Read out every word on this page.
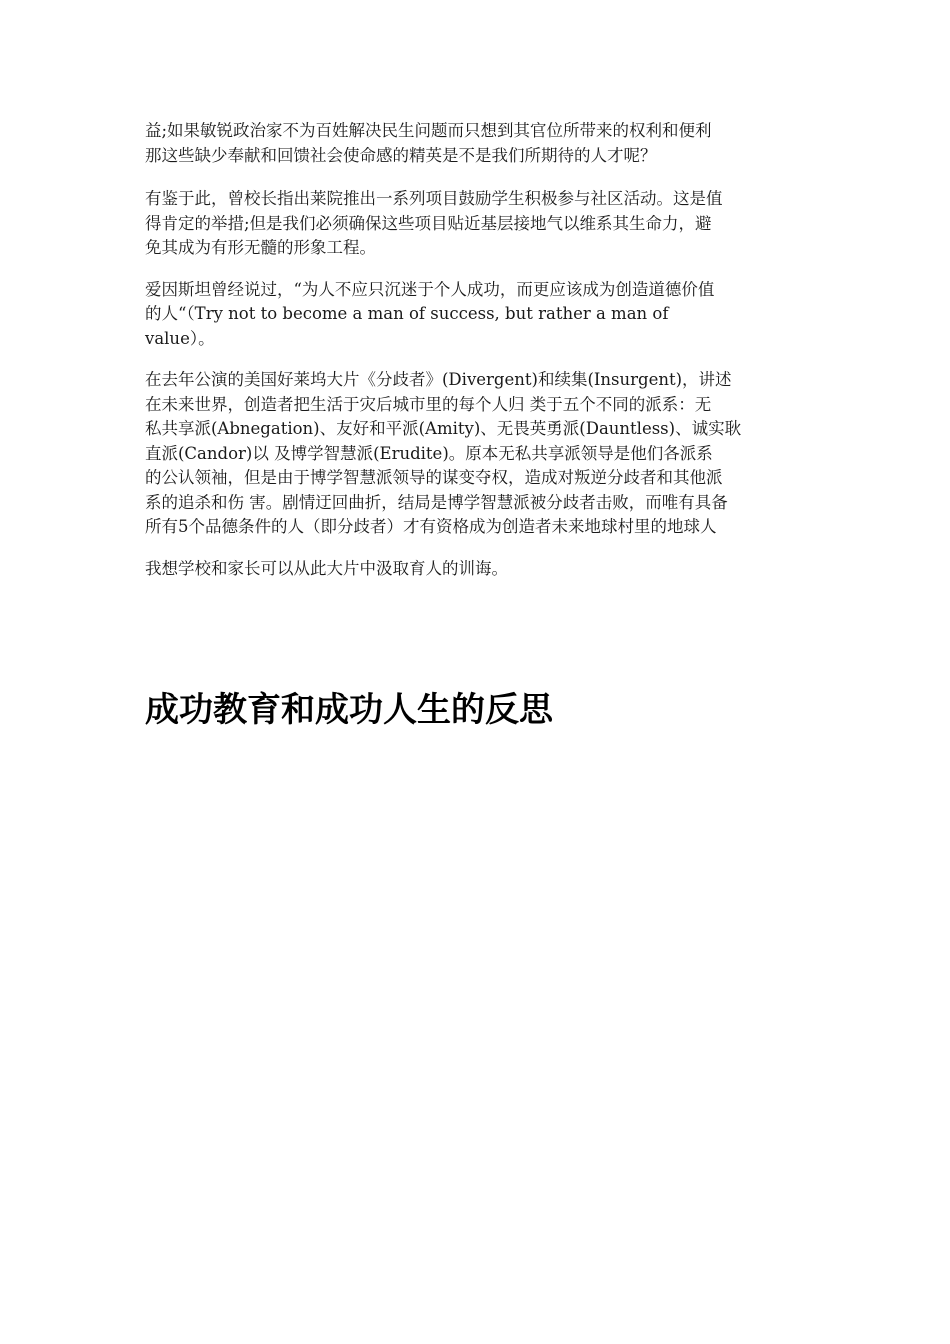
益;如果敏锐政治家不为百姓解决民生问题而只想到其官位所带来的权利和便利
那这些缺少奉献和回馈社会使命感的精英是不是我们所期待的人才呢？

有鉴于此，曾校长指出莱院推出一系列项目鼓励学生积极参与社区活动。这是值
得肯定的举措;但是我们必须确保这些项目贴近基层接地气以维系其生命力，避
免其成为有形无髓的形象工程。

爱因斯坦曾经说过，“为人不应只沉迷于个人成功，而更应该成为创造道德价值
的人“（Try not to become a man of success, but rather a man of
value）。

在去年公演的美国好莱坞大片《分歧者》(Divergent)和续集(Insurgent)，讲述
在未来世界，创造者把生活于灾后城市里的每个人归 类于五个不同的派系：无
私共享派(Abnegation)、友好和平派(Amity)、无畏英勇派(Dauntless)、诚实耿
直派(Candor)以 及博学智慧派(Erudite)。原本无私共享派领导是他们各派系
的公认领袖，但是由于博学智慧派领导的谋变夺权，造成对叛逆分歧者和其他派
系的追杀和伤 害。剧情迂回曲折，结局是博学智慧派被分歧者击败，而唯有具备
所有5个品德条件的人（即分歧者）才有资格成为创造者未来地球村里的地球人

我想学校和家长可以从此大片中汲取育人的训诲。

成功教育和成功人生的反思
